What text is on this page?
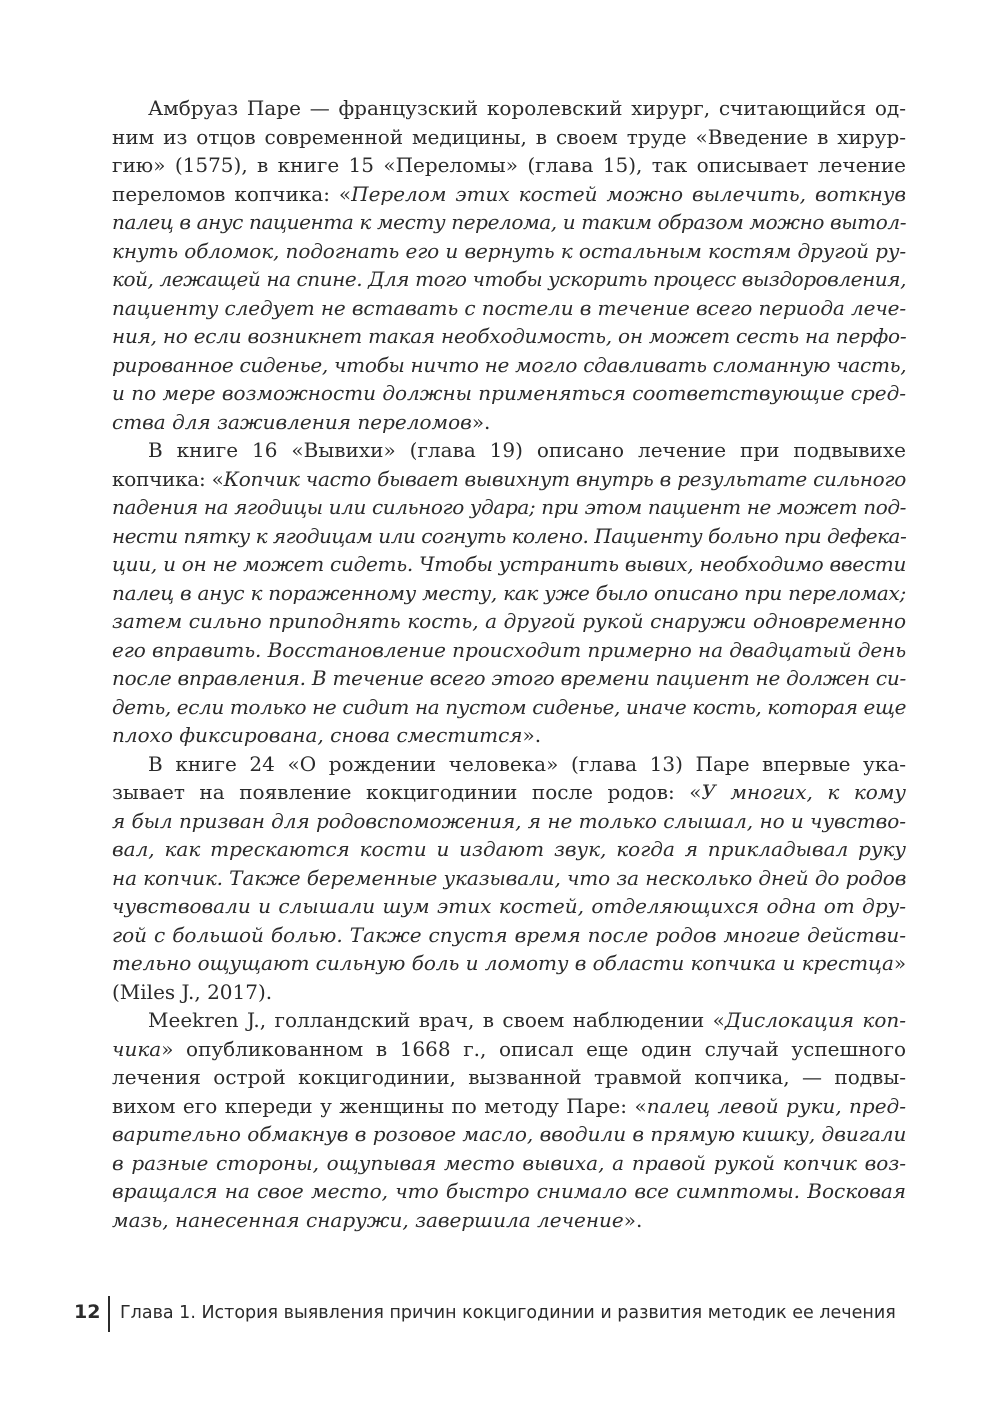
Амбруаз Паре — французский королевский хирург, считающийся од-
ним из отцов современной медицины, в своем труде «Введение в хирур-
гию» (1575), в книге 15 «Переломы» (глава 15), так описывает лечение
переломов копчика: «Перелом этих костей можно вылечить, воткнув
палец в анус пациента к месту перелома, и таким образом можно вытол-
кнуть обломок, подогнать его и вернуть к остальным костям другой ру-
кой, лежащей на спине. Для того чтобы ускорить процесс выздоровления,
пациенту следует не вставать с постели в течение всего периода лече-
ния, но если возникнет такая необходимость, он может сесть на перфо-
рированное сиденье, чтобы ничто не могло сдавливать сломанную часть,
и по мере возможности должны применяться соответствующие сред-
ства для заживления переломов».
В книге 16 «Вывихи» (глава 19) описано лечение при подвывихе
копчика: «Копчик часто бывает вывихнут внутрь в результате сильного
падения на ягодицы или сильного удара; при этом пациент не может под-
нести пятку к ягодицам или согнуть колено. Пациенту больно при дефека-
ции, и он не может сидеть. Чтобы устранить вывих, необходимо ввести
палец в анус к пораженному месту, как уже было описано при переломах;
затем сильно приподнять кость, а другой рукой снаружи одновременно
его вправить. Восстановление происходит примерно на двадцатый день
после вправления. В течение всего этого времени пациент не должен си-
деть, если только не сидит на пустом сиденье, иначе кость, которая еще
плохо фиксирована, снова сместится».
В книге 24 «О рождении человека» (глава 13) Паре впервые ука-
зывает на появление кокцигодинии после родов: «У многих, к кому
я был призван для родовспоможения, я не только слышал, но и чувство-
вал, как трескаются кости и издают звук, когда я прикладывал руку
на копчик. Также беременные указывали, что за несколько дней до родов
чувствовали и слышали шум этих костей, отделяющихся одна от дру-
гой с большой болью. Также спустя время после родов многие действи-
тельно ощущают сильную боль и ломоту в области копчика и крестца»
(Miles J., 2017).
Meekren J., голландский врач, в своем наблюдении «Дислокация коп-
чика» опубликованном в 1668 г., описал еще один случай успешного
лечения острой кокцигодинии, вызванной травмой копчика, — подвы-
вихом его кпереди у женщины по методу Паре: «палец левой руки, пред-
варительно обмакнув в розовое масло, вводили в прямую кишку, двигали
в разные стороны, ощупывая место вывиха, а правой рукой копчик воз-
вращался на свое место, что быстро снимало все симптомы. Восковая
мазь, нанесенная снаружи, завершила лечение».
12 Глава 1. История выявления причин кокцигодинии и развития методик ее лечения
